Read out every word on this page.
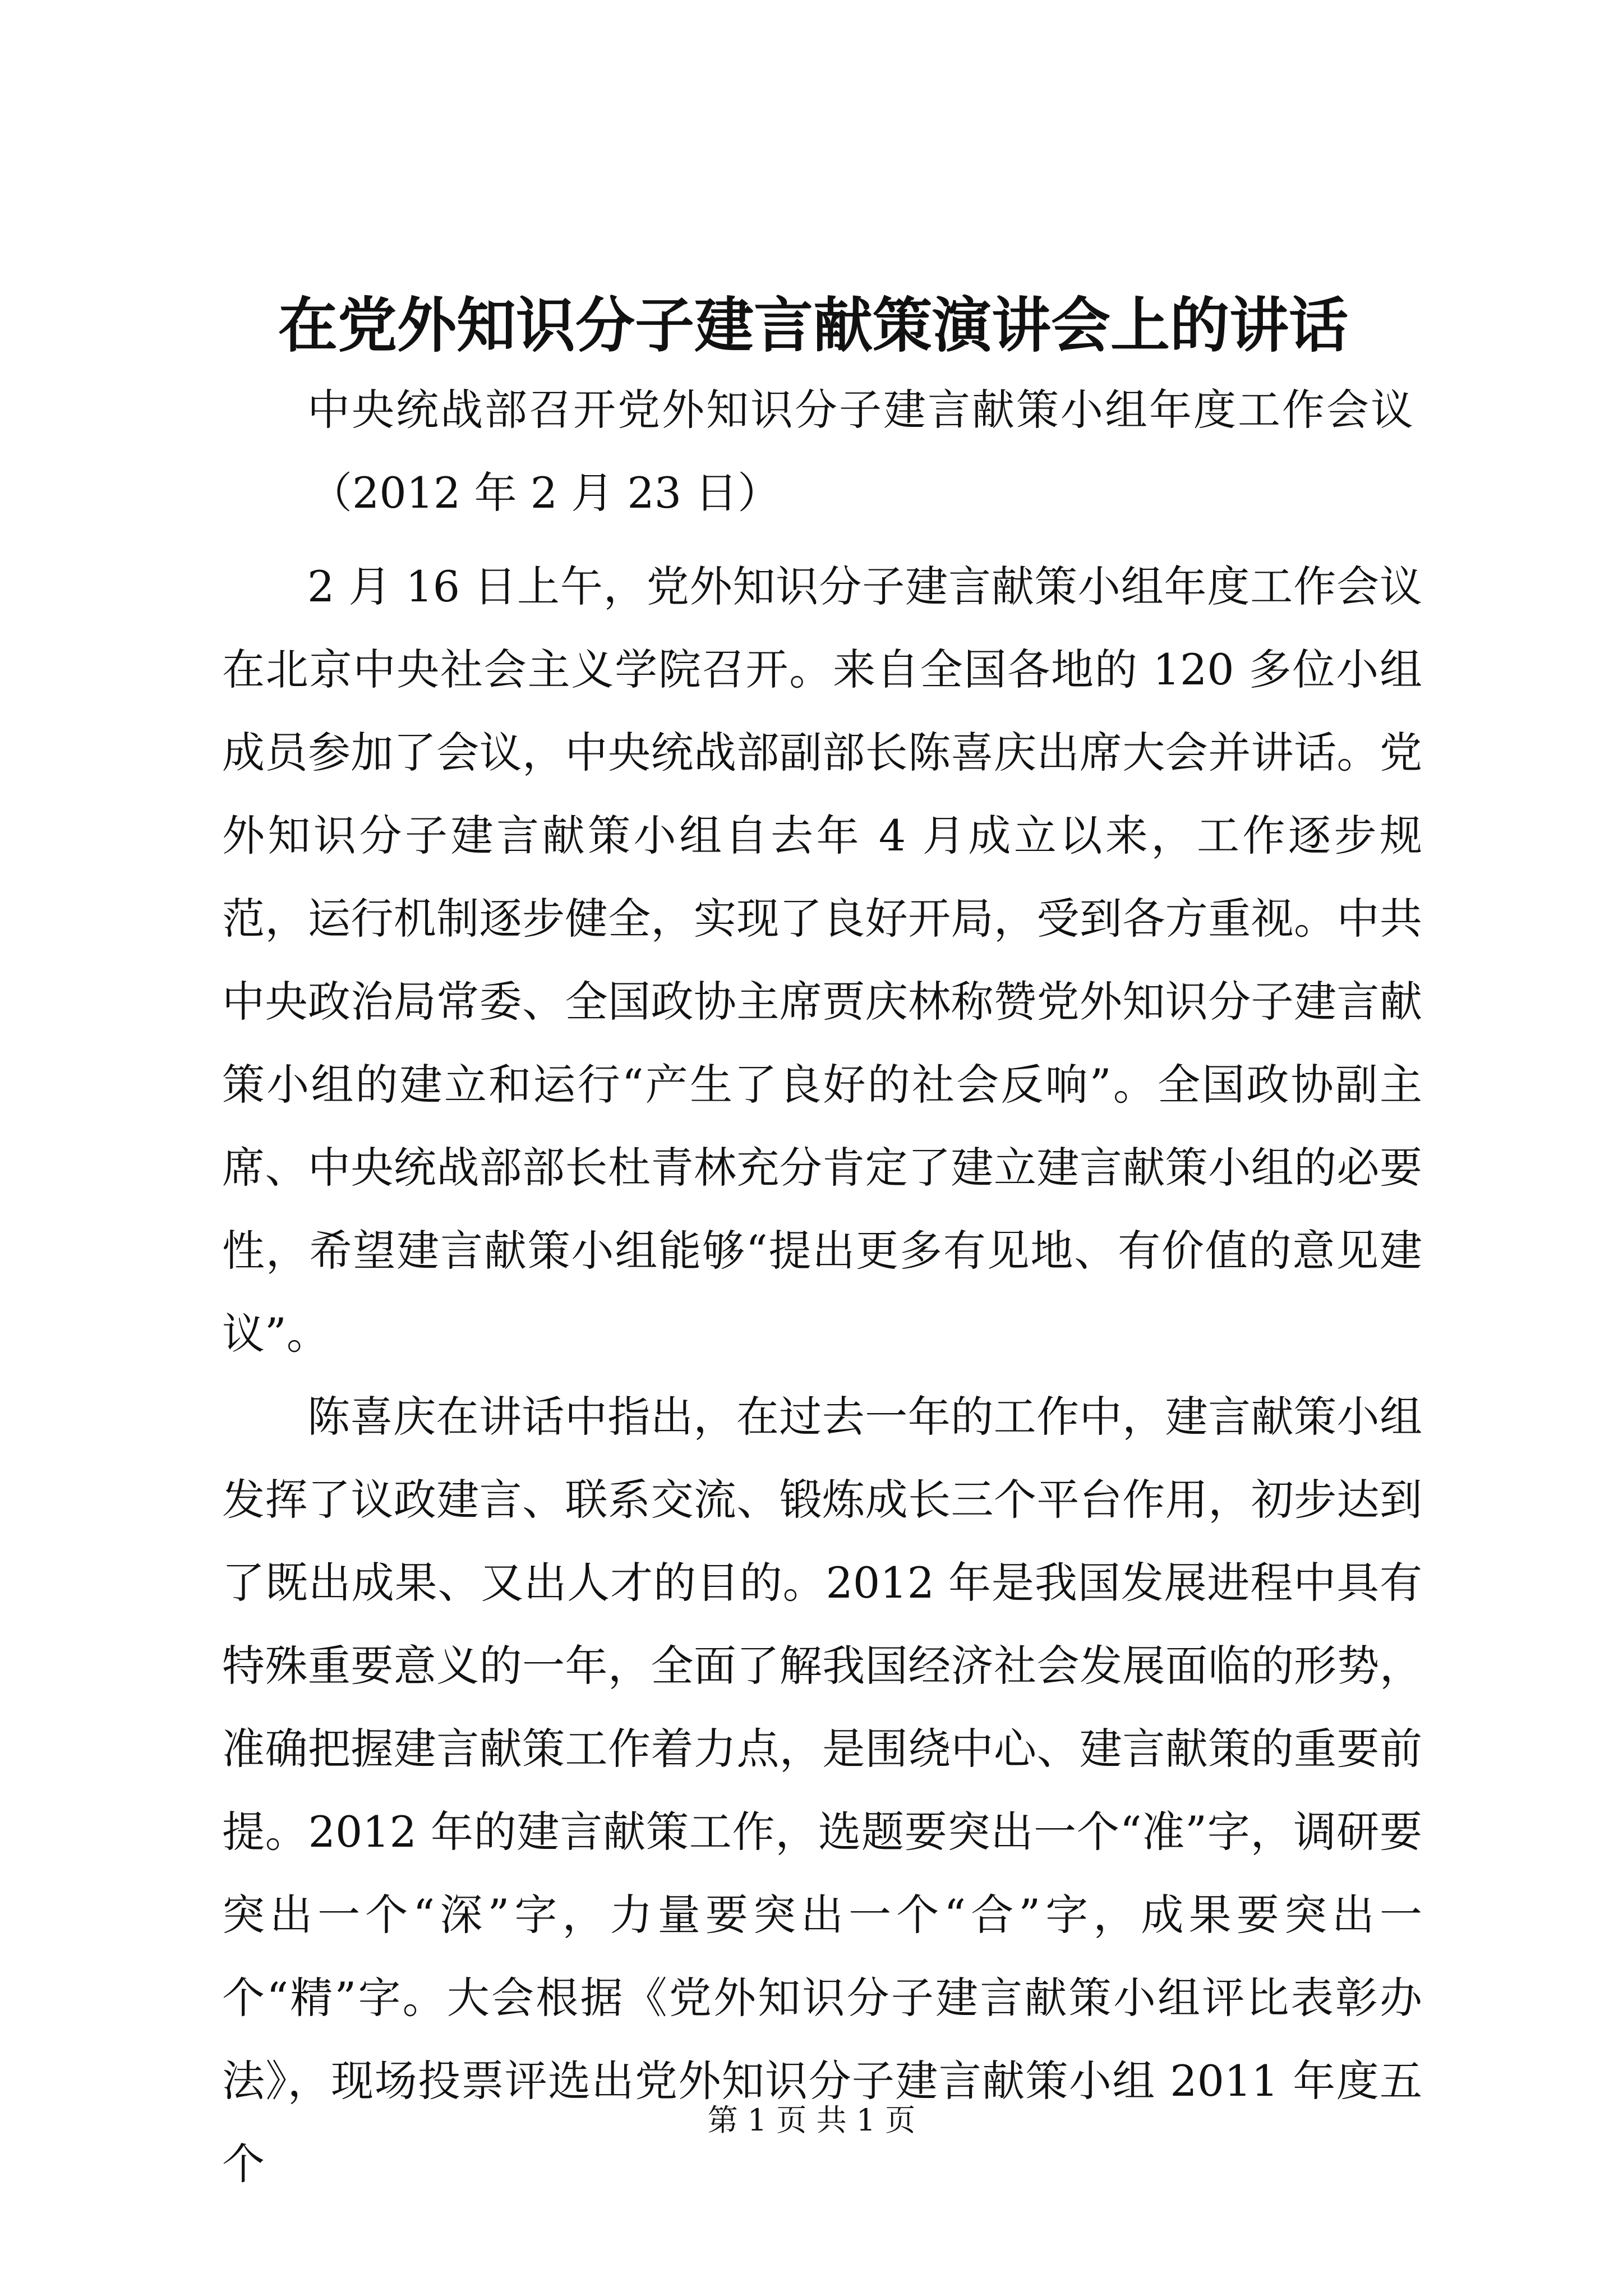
在党外知识分子建言献策演讲会上的讲话
中央统战部召开党外知识分子建言献策小组年度工作会议
（2012 年 2 月 23 日）

2 月 16 日上午，党外知识分子建言献策小组年度工作会议在北京中央社会主义学院召开。来自全国各地的 120 多位小组成员参加了会议，中央统战部副部长陈喜庆出席大会并讲话。党外知识分子建言献策小组自去年 4 月成立以来，工作逐步规范，运行机制逐步健全，实现了良好开局，受到各方重视。中共中央政治局常委、全国政协主席贾庆林称赞党外知识分子建言献策小组的建立和运行“产生了良好的社会反响”。全国政协副主席、中央统战部部长杜青林充分肯定了建立建言献策小组的必要性，希望建言献策小组能够“提出更多有见地、有价值的意见建议”。

陈喜庆在讲话中指出，在过去一年的工作中，建言献策小组发挥了议政建言、联系交流、锻炼成长三个平台作用，初步达到了既出成果、又出人才的目的。2012 年是我国发展进程中具有特殊重要意义的一年，全面了解我国经济社会发展面临的形势，准确把握建言献策工作着力点，是围绕中心、建言献策的重要前提。2012 年的建言献策工作，选题要突出一个“准”字，调研要突出一个“深”字，力量要突出一个“合”字，成果要突出一个“精”字。大会根据《党外知识分子建言献策小组评比表彰办法》，现场投票评选出党外知识分子建言献策小组 2011 年度五个

第 1 页 共 1 页
